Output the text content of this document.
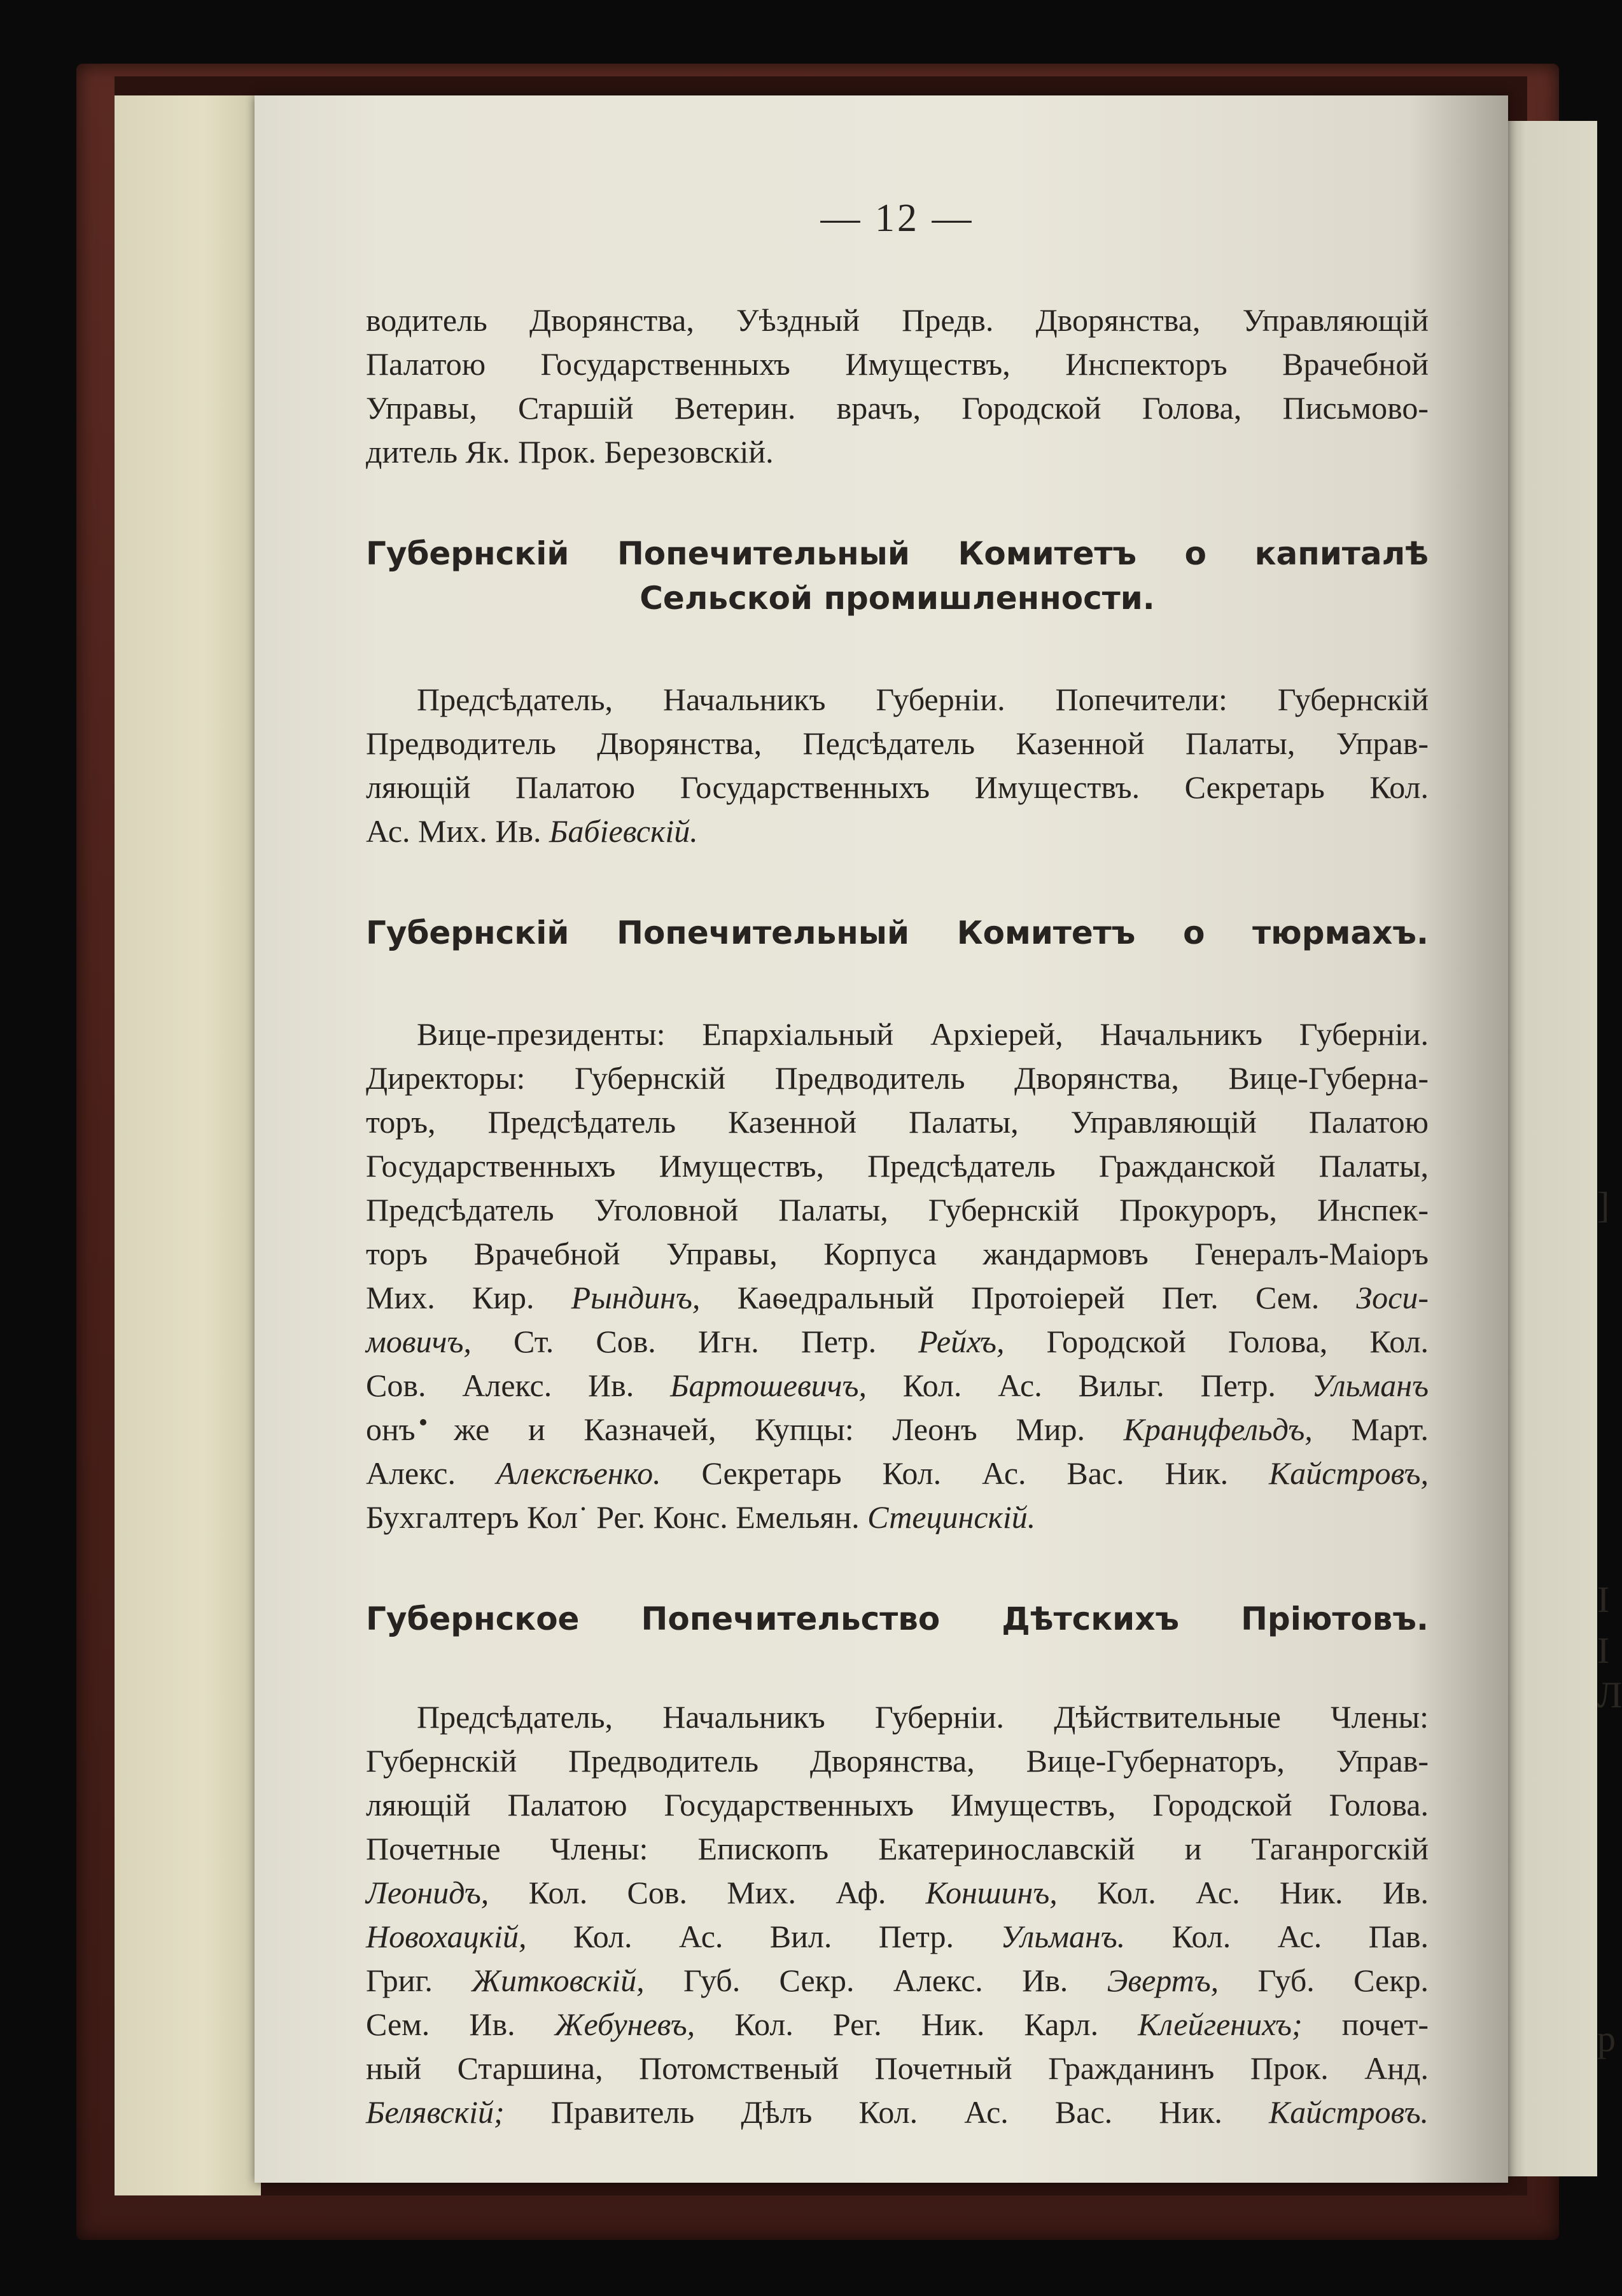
]
I
I
Л
р
— 12 —

водитель Дворянства, Уѣздный Предв. Дворянства, Управляющій
Палатою Государственныхъ Имуществъ, Инспекторъ Врачебной
Управы, Старшій Ветерин. врачъ, Городской Голова, Письмово-
дитель Як. Прок. Березовскій.

Губернскій Попечительный Комитетъ о капиталѣ
Сельской промишленности.

Предсѣдатель, Начальникъ Губерніи. Попечители: Губернскій
Предводитель Дворянства, Педсѣдатель Казенной Палаты, Управ-
ляющій Палатою Государственныхъ Имуществъ. Секретарь Кол.
Ас. Мих. Ив. Бабіевскій.

Губернскій Попечительный Комитетъ о тюрмахъ.

Вице-президенты: Епархіальный Архіерей, Начальникъ Губерніи.
Директоры: Губернскій Предводитель Дворянства, Вице-Губерна-
торъ, Предсѣдатель Казенной Палаты, Управляющій Палатою
Государственныхъ Имуществъ, Предсѣдатель Гражданской Палаты,
Предсѣдатель Уголовной Палаты, Губернскій Прокуроръ, Инспек-
торъ Врачебной Управы, Корпуса жандармовъ Генералъ-Маіоръ
Мих. Кир. Рындинъ, Каѳедральный Протоіерей Пет. Сем. Зоси-
мовичъ, Ст. Сов. Игн. Петр. Рейхъ, Городской Голова, Кол.
Сов. Алекс. Ив. Бартошевичъ, Кол. Ас. Вильг. Петр. Ульманъ
онъ же и Казначей, Купцы: Леонъ Мир. Кранцфельдъ, Март.
Алекс. Алексѣенко. Секретарь Кол. Ас. Вас. Ник. Кайстровъ,
Бухгалтеръ Кол˙ Рег. Конс. Емельян. Стецинскій.

Губернское Попечительство Дѣтскихъ Пріютовъ.

Предсѣдатель, Начальникъ Губерніи. Дѣйствительные Члены:
Губернскій Предводитель Дворянства, Вице-Губернаторъ, Управ-
ляющій Палатою Государственныхъ Имуществъ, Городской Голова.
Почетные Члены: Епископъ Екатеринославскій и Таганрогскій
Леонидъ, Кол. Сов. Мих. Аф. Коншинъ, Кол. Ас. Ник. Ив.
Новохацкій, Кол. Ас. Вил. Петр. Ульманъ. Кол. Ас. Пав.
Григ. Житковскій, Губ. Секр. Алекс. Ив. Эвертъ, Губ. Секр.
Сем. Ив. Жебуневъ, Кол. Рег. Ник. Карл. Клейгенихъ; почет-
ный Старшина, Потомственый Почетный Гражданинъ Прок. Анд.
Белявскій; Правитель Дѣлъ Кол. Ас. Вас. Ник. Кайстровъ.
